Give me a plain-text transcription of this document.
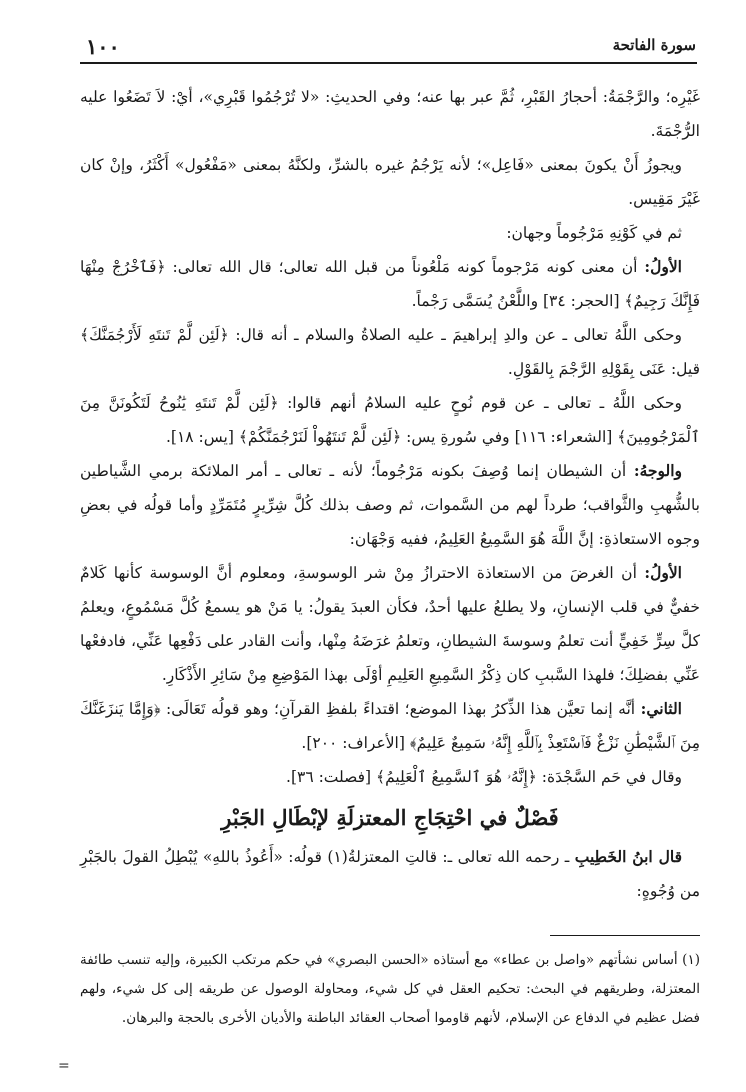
١٠٠	سورة الفاتحة

غَيْرِه؛ والرَّجْمَةُ: أحجارُ القَبْرِ، ثُمَّ عبر بها عنه؛ وفي الحديثِ: «لا تُرْجُمُوا قَبْرِي»، أيْ: لاَ تَضَعُوا عليه الرُّجْمَةَ.

ويجوزُ أَنْ يكونَ بمعنى «فَاعِل»؛ لأنه يَرْجُمُ غيره بالشرِّ، ولكنَّهُ بمعنى «مَفْعُول» أَكْثَرُ، وإنْ كان غَيْرَ مَقِيس.

ثم في كَوْنِهِ مَرْجُوماً وجهان:

الأولُ: أن معنى كونه مَرْجوماً كونه مَلْعُوناً من قبل الله تعالى؛ قال الله تعالى: ﴿فَٱخْرُجْ مِنْهَا فَإِنَّكَ رَجِيمٌ﴾ [الحجر: ٣٤] واللَّعْنُ يُسَمَّى رَجْماً.

وحكى اللَّهُ تعالى ـ عن والدِ إبراهيمَ ـ عليه الصلاةُ والسلام ـ أنه قال: ﴿لَئِن لَّمْ تَنتَهِ لَأَرْجُمَنَّكَ﴾ قيل: عَنَى بِقَوْلِهِ الرَّجْمَ بِالقَوْلِ.

وحكى اللَّهُ ـ تعالى ـ عن قوم نُوحٍ عليه السلامُ أنهم قالوا: ﴿لَئِن لَّمْ تَنتَهِ يَٰنُوحُ لَتَكُونَنَّ مِنَ ٱلْمَرْجُومِينَ﴾ [الشعراء: ١١٦] وفي سُورةِ يس: ﴿لَئِن لَّمْ تَنتَهُواْ لَنَرْجُمَنَّكُمْ﴾ [يس: ١٨].

والوجهُ: أن الشيطان إنما وُصِفَ بكونه مَرْجُوماً؛ لأنه ـ تعالى ـ أمر الملائكة برمي الشَّياطين بالشُّهبِ والثَّواقب؛ طرداً لهم من السَّموات، ثم وصف بذلك كُلَّ شِرِّيرٍ مُتَمَرِّدٍ وأما قولُه في بعضِ وجوه الاستعاذةِ: إنَّ اللَّهَ هُوَ السَّمِيعُ العَلِيمُ، ففيه وَجْهَان:

الأولُ: أن الغرضَ من الاستعاذة الاحترازُ مِنْ شر الوسوسةِ، ومعلوم أنَّ الوسوسة كأنها كَلامٌ خفيٌّ في قلب الإنسانِ، ولا يطلعُ عليها أحدٌ، فكأن العبدَ يقولُ: يا مَنْ هو يسمعُ كُلَّ مَسْمُوعٍ، ويعلمُ كلَّ سِرٍّ خَفِيٍّ أنت تعلمُ وسوسةَ الشيطانِ، وتعلمُ غرَضَهُ مِنْها، وأنت القادر على دَفْعِها عَنِّي، فادفعْها عَنِّي بفضلِكَ؛ فلهذا السَّببِ كان ذِكْرُ السَّمِيعِ العَلِيمِ أوْلَى بهذا المَوْضِعِ مِنْ سَائِرِ الأَذْكَارِ.

الثاني: أنَّه إنما تعيَّن هذا الذِّكرُ بهذا الموضع؛ اقتداءً بلفظِ القرآنِ؛ وهو قولُه تَعَالَى: ﴿وَإِمَّا يَنزَغَنَّكَ مِنَ ٱلشَّيْطَٰنِ نَزْغٌ فَٱسْتَعِذْ بِٱللَّهِ إِنَّهُۥ سَمِيعٌ عَلِيمٌ﴾ [الأعراف: ٢٠٠].

وقال في حَم السَّجْدَة: ﴿إِنَّهُۥ هُوَ ٱلسَّمِيعُ ٱلْعَلِيمُ﴾ [فصلت: ٣٦].

فَصْلٌ في احْتِجَاجِ المعتزلَةِ لإبْطَالِ الجَبْرِ

قال ابنُ الخَطِيبِ ـ رحمه الله تعالى ـ: قالتِ المعتزلةُ(١) قولُه: «أَعُوذُ باللهِ» يُبْطِلُ القولَ بالجَبْرِ من وُجُوهٍ:

(١) أساس نشأتهم «واصل بن عطاء» مع أستاذه «الحسن البصري» في حكم مرتكب الكبيرة، وإليه تنسب طائفة المعتزلة، وطريقهم في البحث: تحكيم العقل في كل شيء، ومحاولة الوصول عن طريقه إلى كل شيء، ولهم فضل عظيم في الدفاع عن الإسلام، لأنهم قاوموا أصحاب العقائد الباطنة والأديان الأخرى بالحجة والبرهان.

=
